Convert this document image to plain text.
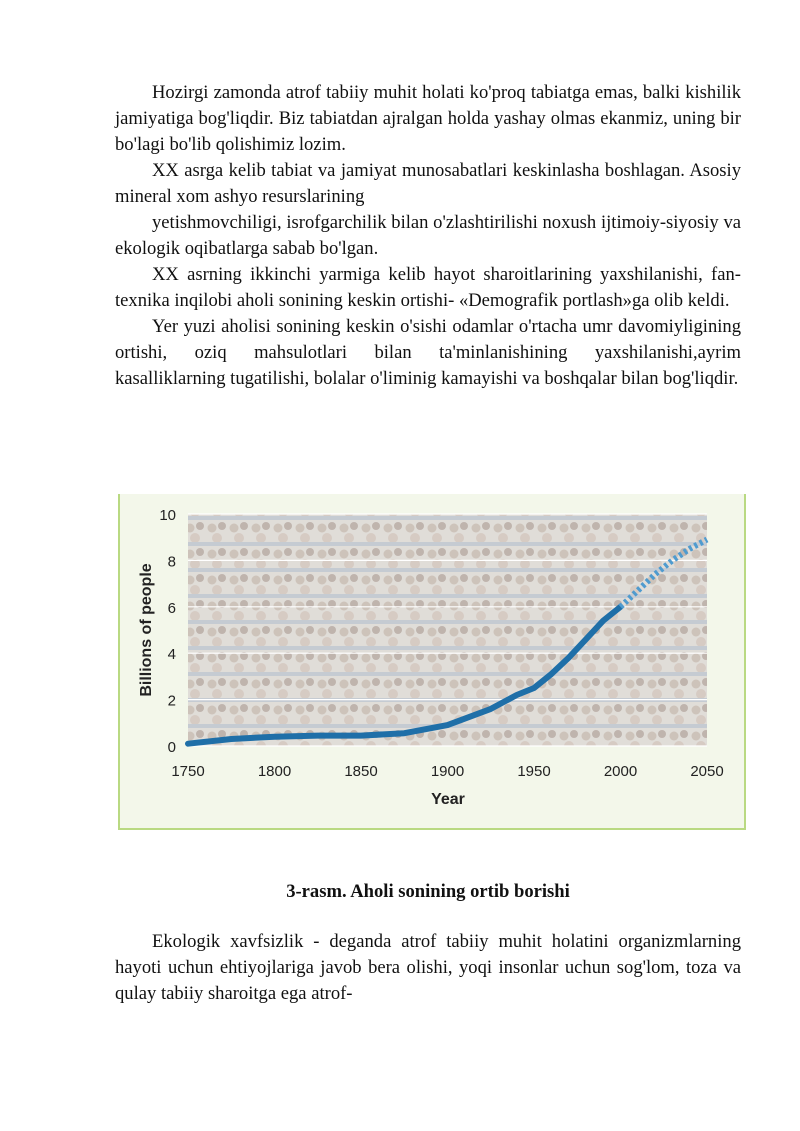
Hozirgi zamonda atrof tabiiy muhit holati ko'proq tabiatga emas, balki kishilik jamiyatiga bog'liqdir. Biz tabiatdan ajralgan holda yashay olmas ekanmiz, uning bir bo'lagi bo'lib qolishimiz lozim.

XX asrga kelib tabiat va jamiyat munosabatlari keskinlasha boshlagan. Asosiy mineral xom ashyo resurslarining

yetishmovchiligi, isrofgarchilik bilan o'zlashtirilishi noxush ijtimoiy-siyosiy va ekologik oqibatlarga sabab bo'lgan.

XX asrning ikkinchi yarmiga kelib hayot sharoitlarining yaxshilanishi, fan-texnika inqilobi aholi sonining keskin ortishi- «Demografik portlash»ga olib keldi.

Yer yuzi aholisi sonining keskin o'sishi odamlar o'rtacha umr davomiyligining ortishi, oziq mahsulotlari bilan ta'minlanishining yaxshilanishi,ayrim kasalliklarning tugatilishi, bolalar o'liminig kamayishi va boshqalar bilan bog'liqdir.

0
2
4
6
8
10
1750	1800	1850	1900	1950	2000	2050
Year
Billions of people
3-rasm. Aholi sonining ortib borishi

Ekologik xavfsizlik - deganda atrof tabiiy muhit holatini organizmlarning hayoti uchun ehtiyojlariga javob bera olishi, yoqi insonlar uchun sog'lom, toza va qulay tabiiy sharoitga ega atrof-
